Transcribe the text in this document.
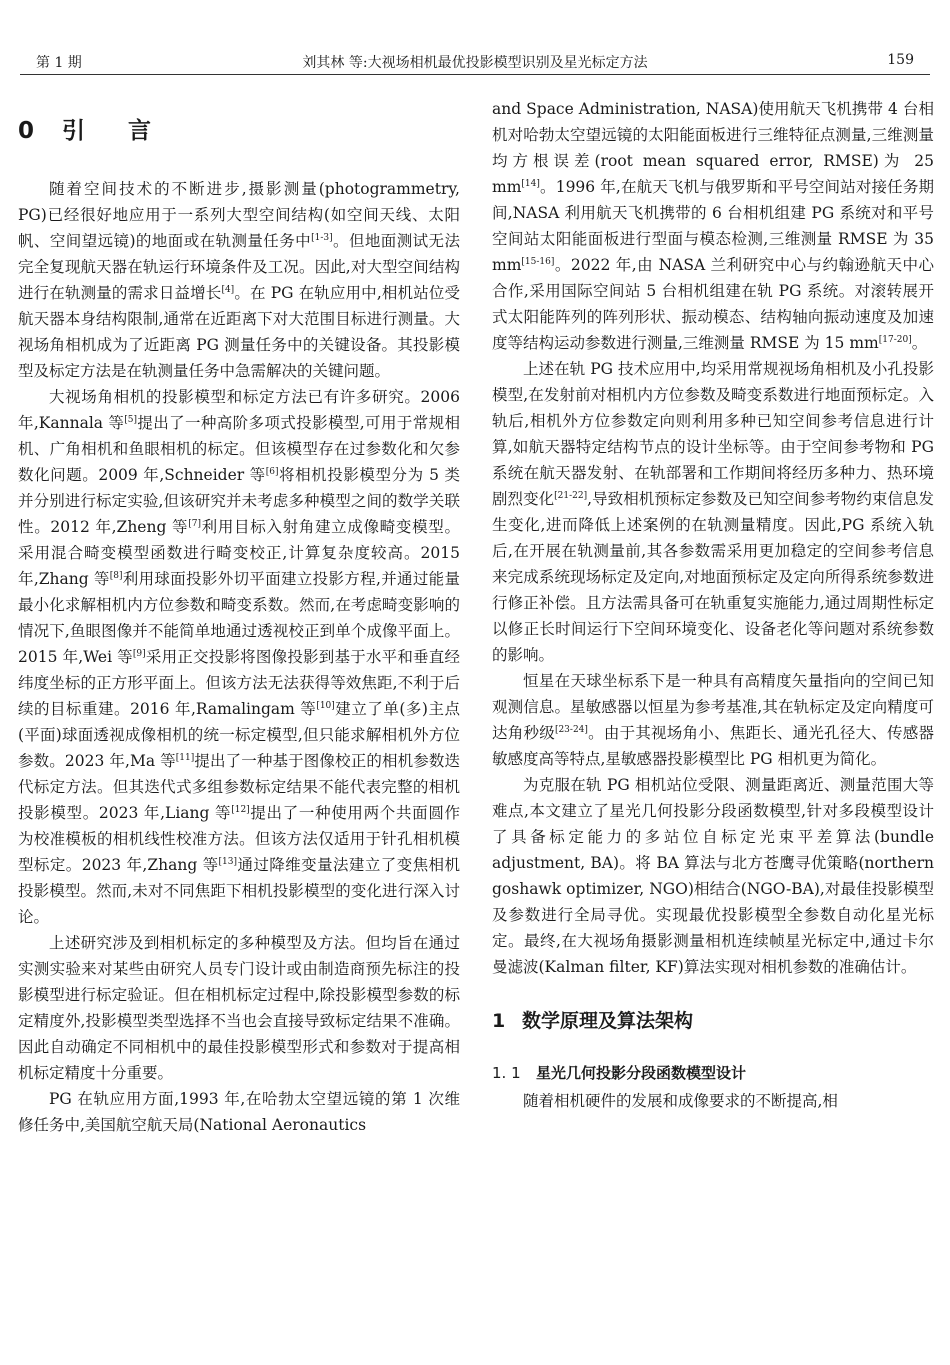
第 1 期	刘其林 等:大视场相机最优投影模型识别及星光标定方法	159
0 引 言

随着空间技术的不断进步,摄影测量(photogrammetry, PG)已经很好地应用于一系列大型空间结构(如空间天线、太阳帆、空间望远镜)的地面或在轨测量任务中[1-3]。但地面测试无法完全复现航天器在轨运行环境条件及工况。因此,对大型空间结构进行在轨测量的需求日益增长[4]。在 PG 在轨应用中,相机站位受航天器本身结构限制,通常在近距离下对大范围目标进行测量。大视场角相机成为了近距离 PG 测量任务中的关键设备。其投影模型及标定方法是在轨测量任务中急需解决的关键问题。

大视场角相机的投影模型和标定方法已有许多研究。2006 年,Kannala 等[5]提出了一种高阶多项式投影模型,可用于常规相机、广角相机和鱼眼相机的标定。但该模型存在过参数化和欠参数化问题。2009 年,Schneider 等[6]将相机投影模型分为 5 类并分别进行标定实验,但该研究并未考虑多种模型之间的数学关联性。2012 年,Zheng 等[7]利用目标入射角建立成像畸变模型。采用混合畸变模型函数进行畸变校正,计算复杂度较高。2015 年,Zhang 等[8]利用球面投影外切平面建立投影方程,并通过能量最小化求解相机内方位参数和畸变系数。然而,在考虑畸变影响的情况下,鱼眼图像并不能简单地通过透视校正到单个成像平面上。2015 年,Wei 等[9]采用正交投影将图像投影到基于水平和垂直经纬度坐标的正方形平面上。但该方法无法获得等效焦距,不利于后续的目标重建。2016 年,Ramalingam 等[10]建立了单(多)主点(平面)球面透视成像相机的统一标定模型,但只能求解相机外方位参数。2023 年,Ma 等[11]提出了一种基于图像校正的相机参数迭代标定方法。但其迭代式多组参数标定结果不能代表完整的相机投影模型。2023 年,Liang 等[12]提出了一种使用两个共面圆作为校准模板的相机线性校准方法。但该方法仅适用于针孔相机模型标定。2023 年,Zhang 等[13]通过降维变量法建立了变焦相机投影模型。然而,未对不同焦距下相机投影模型的变化进行深入讨论。

上述研究涉及到相机标定的多种模型及方法。但均旨在通过实测实验来对某些由研究人员专门设计或由制造商预先标注的投影模型进行标定验证。但在相机标定过程中,除投影模型参数的标定精度外,投影模型类型选择不当也会直接导致标定结果不准确。因此自动确定不同相机中的最佳投影模型形式和参数对于提高相机标定精度十分重要。

PG 在轨应用方面,1993 年,在哈勃太空望远镜的第 1 次维修任务中,美国航空航天局(National Aeronautics

and Space Administration, NASA)使用航天飞机携带 4 台相机对哈勃太空望远镜的太阳能面板进行三维特征点测量,三维测量均方根误差(root mean squared error, RMSE)为 25 mm[14]。1996 年,在航天飞机与俄罗斯和平号空间站对接任务期间,NASA 利用航天飞机携带的 6 台相机组建 PG 系统对和平号空间站太阳能面板进行型面与模态检测,三维测量 RMSE 为 35 mm[15-16]。2022 年,由 NASA 兰利研究中心与约翰逊航天中心合作,采用国际空间站 5 台相机组建在轨 PG 系统。对滚转展开式太阳能阵列的阵列形状、振动模态、结构轴向振动速度及加速度等结构运动参数进行测量,三维测量 RMSE 为 15 mm[17-20]。

上述在轨 PG 技术应用中,均采用常规视场角相机及小孔投影模型,在发射前对相机内方位参数及畸变系数进行地面预标定。入轨后,相机外方位参数定向则利用多种已知空间参考信息进行计算,如航天器特定结构节点的设计坐标等。由于空间参考物和 PG 系统在航天器发射、在轨部署和工作期间将经历多种力、热环境剧烈变化[21-22],导致相机预标定参数及已知空间参考物约束信息发生变化,进而降低上述案例的在轨测量精度。因此,PG 系统入轨后,在开展在轨测量前,其各参数需采用更加稳定的空间参考信息来完成系统现场标定及定向,对地面预标定及定向所得系统参数进行修正补偿。且方法需具备可在轨重复实施能力,通过周期性标定以修正长时间运行下空间环境变化、设备老化等问题对系统参数的影响。

恒星在天球坐标系下是一种具有高精度矢量指向的空间已知观测信息。星敏感器以恒星为参考基准,其在轨标定及定向精度可达角秒级[23-24]。由于其视场角小、焦距长、通光孔径大、传感器敏感度高等特点,星敏感器投影模型比 PG 相机更为简化。

为克服在轨 PG 相机站位受限、测量距离近、测量范围大等难点,本文建立了星光几何投影分段函数模型,针对多段模型设计了具备标定能力的多站位自标定光束平差算法(bundle adjustment, BA)。将 BA 算法与北方苍鹰寻优策略(northern goshawk optimizer, NGO)相结合(NGO-BA),对最佳投影模型及参数进行全局寻优。实现最优投影模型全参数自动化星光标定。最终,在大视场角摄影测量相机连续帧星光标定中,通过卡尔曼滤波(Kalman filter, KF)算法实现对相机参数的准确估计。

1 数学原理及算法架构
1. 1 星光几何投影分段函数模型设计

随着相机硬件的发展和成像要求的不断提高,相
